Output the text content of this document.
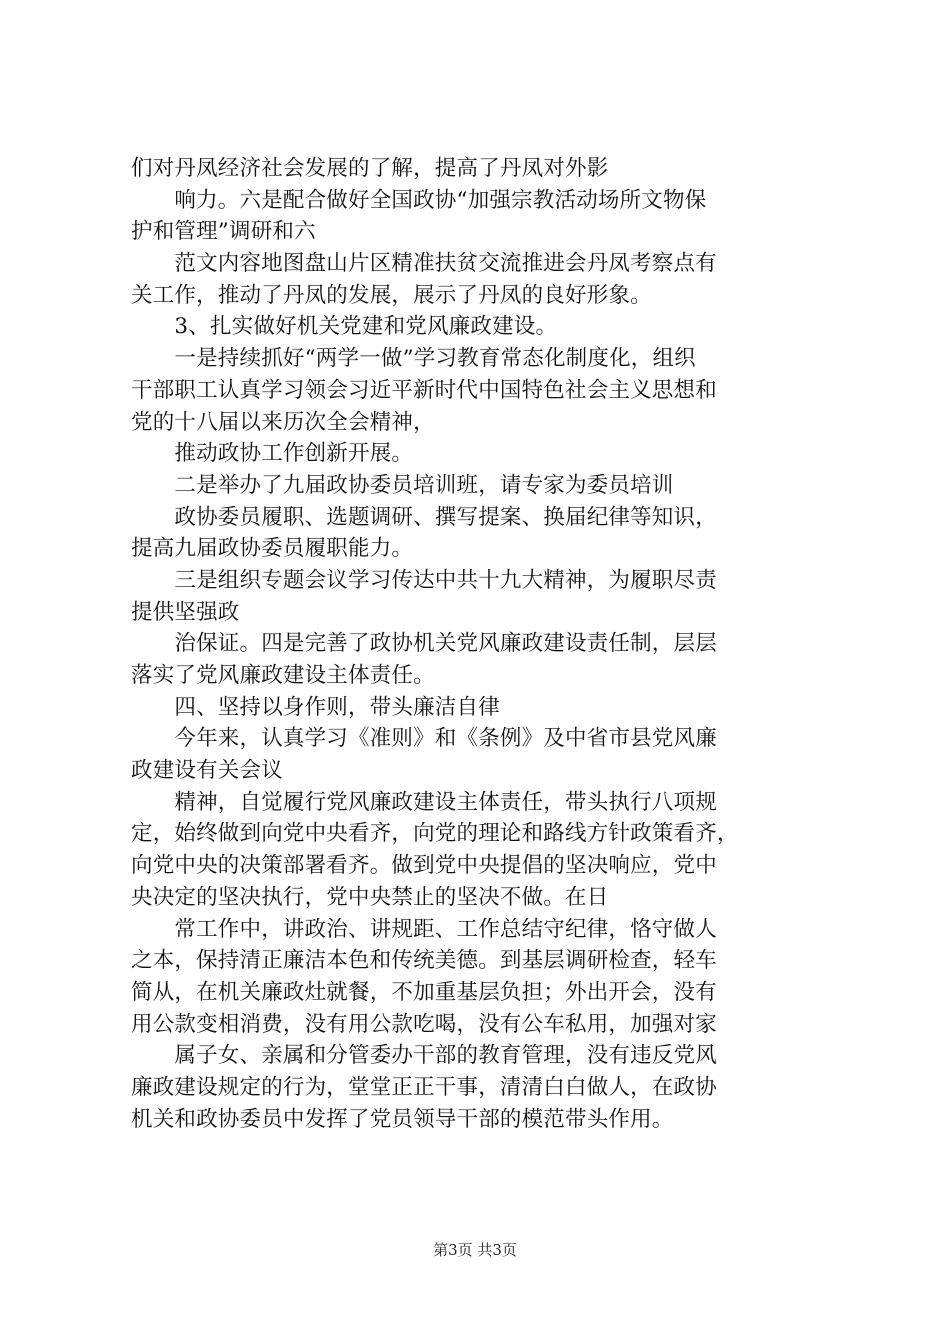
们对丹凤经济社会发展的了解，提高了丹凤对外影
　　响力。六是配合做好全国政协“加强宗教活动场所文物保
护和管理”调研和六
　　范文内容地图盘山片区精准扶贫交流推进会丹凤考察点有
关工作，推动了丹凤的发展，展示了丹凤的良好形象。
　　3、扎实做好机关党建和党风廉政建设。
　　一是持续抓好“两学一做”学习教育常态化制度化，组织
干部职工认真学习领会习近平新时代中国特色社会主义思想和
党的十八届以来历次全会精神，
　　推动政协工作创新开展。
　　二是举办了九届政协委员培训班，请专家为委员培训
　　政协委员履职、选题调研、撰写提案、换届纪律等知识，
提高九届政协委员履职能力。
　　三是组织专题会议学习传达中共十九大精神，为履职尽责
提供坚强政
　　治保证。四是完善了政协机关党风廉政建设责任制，层层
落实了党风廉政建设主体责任。
　　四、坚持以身作则，带头廉洁自律
　　今年来，认真学习《准则》和《条例》及中省市县党风廉
政建设有关会议
　　精神，自觉履行党风廉政建设主体责任，带头执行八项规
定，始终做到向党中央看齐，向党的理论和路线方针政策看齐，
向党中央的决策部署看齐。做到党中央提倡的坚决响应，党中
央决定的坚决执行，党中央禁止的坚决不做。在日
　　常工作中，讲政治、讲规距、工作总结守纪律，恪守做人
之本，保持清正廉洁本色和传统美德。到基层调研检查，轻车
简从，在机关廉政灶就餐，不加重基层负担；外出开会，没有
用公款变相消费，没有用公款吃喝，没有公车私用，加强对家
　　属子女、亲属和分管委办干部的教育管理，没有违反党风
廉政建设规定的行为，堂堂正正干事，清清白白做人，在政协
机关和政协委员中发挥了党员领导干部的模范带头作用。
第3页 共3页
